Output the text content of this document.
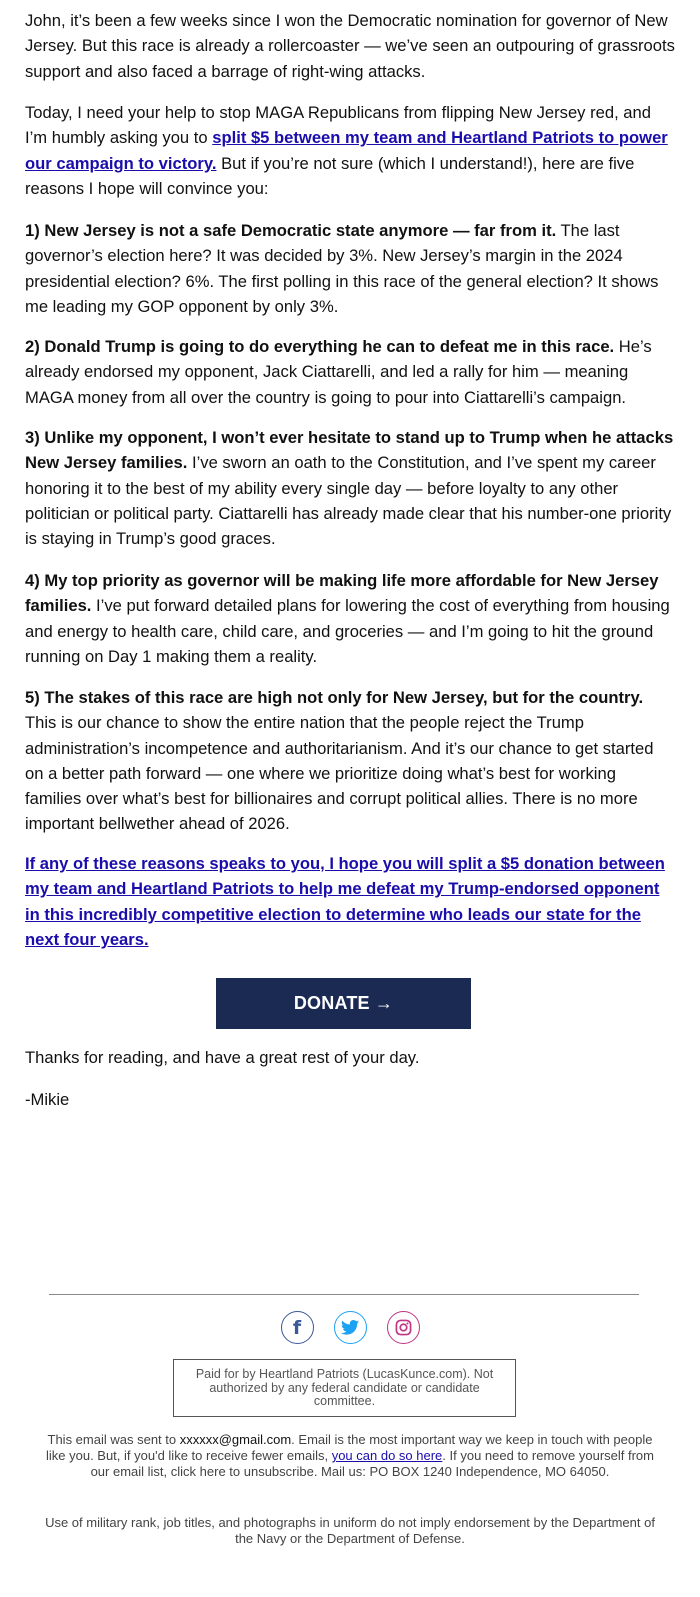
John, it’s been a few weeks since I won the Democratic nomination for governor of New Jersey. But this race is already a rollercoaster — we’ve seen an outpouring of grassroots support and also faced a barrage of right-wing attacks.

Today, I need your help to stop MAGA Republicans from flipping New Jersey red, and I’m humbly asking you to split $5 between my team and Heartland Patriots to power our campaign to victory. But if you’re not sure (which I understand!), here are five reasons I hope will convince you:

1) New Jersey is not a safe Democratic state anymore — far from it. The last governor’s election here? It was decided by 3%. New Jersey’s margin in the 2024 presidential election? 6%. The first polling in this race of the general election? It shows me leading my GOP opponent by only 3%.

2) Donald Trump is going to do everything he can to defeat me in this race. He’s already endorsed my opponent, Jack Ciattarelli, and led a rally for him — meaning MAGA money from all over the country is going to pour into Ciattarelli’s campaign.

3) Unlike my opponent, I won’t ever hesitate to stand up to Trump when he attacks New Jersey families. I’ve sworn an oath to the Constitution, and I’ve spent my career honoring it to the best of my ability every single day — before loyalty to any other politician or political party. Ciattarelli has already made clear that his number-one priority is staying in Trump’s good graces.

4) My top priority as governor will be making life more affordable for New Jersey families. I’ve put forward detailed plans for lowering the cost of everything from housing and energy to health care, child care, and groceries — and I’m going to hit the ground running on Day 1 making them a reality.

5) The stakes of this race are high not only for New Jersey, but for the country. This is our chance to show the entire nation that the people reject the Trump administration’s incompetence and authoritarianism. And it’s our chance to get started on a better path forward — one where we prioritize doing what’s best for working families over what’s best for billionaires and corrupt political allies. There is no more important bellwether ahead of 2026.

If any of these reasons speaks to you, I hope you will split a $5 donation between my team and Heartland Patriots to help me defeat my Trump-endorsed opponent in this incredibly competitive election to determine who leads our state for the next four years.

DONATE →

Thanks for reading, and have a great rest of your day.

-Mikie

f
Paid for by Heartland Patriots (LucasKunce.com). Not authorized by any federal candidate or candidate committee.
This email was sent to xxxxxx@gmail.com. Email is the most important way we keep in touch with people like you. But, if you'd like to receive fewer emails, you can do so here. If you need to remove yourself from our email list, click here to unsubscribe. Mail us: PO BOX 1240 Independence, MO 64050.
Use of military rank, job titles, and photographs in uniform do not imply endorsement by the Department of the Navy or the Department of Defense.
